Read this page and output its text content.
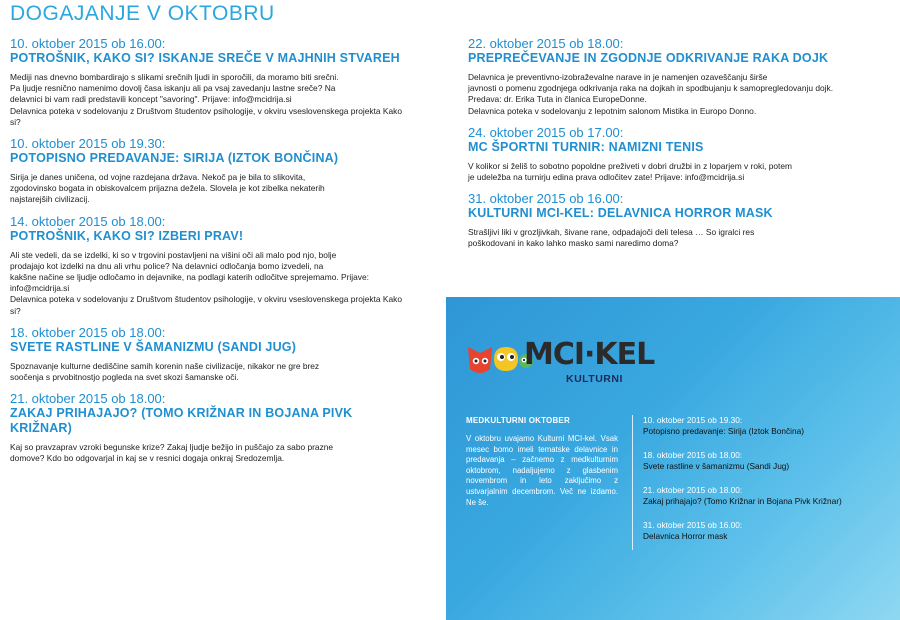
DOGAJANJE V OKTOBRU
10. oktober 2015 ob 16.00:
POTROŠNIK, KAKO SI? ISKANJE SREČE V MAJHNIH STVAREH

Mediji nas dnevno bombardirajo s slikami srečnih ljudi in sporočili, da moramo biti srečni.

Pa ljudje resnično namenimo dovolj časa iskanju ali pa vsaj zavedanju lastne sreče? Na

delavnici bi vam radi predstavili koncept "savoring". Prijave: info@mcidrija.si

Delavnica poteka v sodelovanju z Društvom študentov psihologije, v okviru vseslovenskega projekta Kako si?

10. oktober 2015 ob 19.30:
POTOPISNO PREDAVANJE: SIRIJA (IZTOK BONČINA)

Sirija je danes uničena, od vojne razdejana država. Nekoč pa je bila to slikovita,

zgodovinsko bogata in obiskovalcem prijazna dežela. Slovela je kot zibelka nekaterih

najstarejših civilizacij.

14. oktober 2015 ob 18.00:
POTROŠNIK, KAKO SI? IZBERI PRAV!

Ali ste vedeli, da se izdelki, ki so v trgovini postavljeni na višini oči ali malo pod njo, bolje

prodajajo kot izdelki na dnu ali vrhu police? Na delavnici odločanja bomo izvedeli, na

kakšne načine se ljudje odločamo in dejavnike, na podlagi katerih odločitve sprejemamo. Prijave: info@mcidrija.si

Delavnica poteka v sodelovanju z Društvom študentov psihologije, v okviru vseslovenskega projekta Kako si?

18. oktober 2015 ob 18.00:
SVETE RASTLINE V ŠAMANIZMU (SANDI JUG)

Spoznavanje kulturne dediščine samih korenin naše civilizacije, nikakor ne gre brez

soočenja s prvobitnostjo pogleda na svet skozi šamanske oči.

21. oktober 2015 ob 18.00:
ZAKAJ PRIHAJAJO? (TOMO KRIŽNAR IN BOJANA PIVK KRIŽNAR)

Kaj so pravzaprav vzroki begunske krize? Zakaj ljudje bežijo in puščajo za sabo prazne

domove? Kdo bo odgovarjal in kaj se v resnici dogaja onkraj Sredozemlja.

22. oktober 2015 ob 18.00:
PREPREČEVANJE IN ZGODNJE ODKRIVANJE RAKA DOJK

Delavnica je preventivno-izobraževalne narave in je namenjen ozaveščanju širše

javnosti o pomenu zgodnjega odkrivanja raka na dojkah in spodbujanju k samopregledovanju dojk. Predava: dr. Erika Tuta in članica EuropeDonne.

Delavnica poteka v sodelovanju z lepotnim salonom Mistika in Europo Donno.

24. oktober 2015 ob 17.00:
MC ŠPORTNI TURNIR: NAMIZNI TENIS

V kolikor si želiš to sobotno popoldne preživeti v dobri družbi in z loparjem v roki, potem

je udeležba na turnirju edina prava odločitev zate! Prijave: info@mcidrija.si

31. oktober 2015 ob 16.00:
KULTURNI MCI-KEL: DELAVNICA HORROR MASK

Strašljivi liki v grozljivkah, šivane rane, odpadajoči deli telesa … So igralci res

poškodovani in kako lahko masko sami naredimo doma?

MCI·KEL
KULTURNI
MEDKULTURNI OKTOBER
V oktobru uvajamo Kulturni MCI-kel. Vsak mesec bomo imeli tematske delavnice in predavanja – začnemo z medkulturnim oktobrom, nadaljujemo z glasbenim novembrom in leto zaključimo z ustvarjalnim decembrom. Več ne izdamo. Ne še.
10. oktober 2015 ob 19.30:
Potopisno predavanje: Sirija (Iztok Bončina)
18. oktober 2015 ob 18.00:
Svete rastline v šamanizmu (Sandi Jug)
21. oktober 2015 ob 18.00:
Zakaj prihajajo? (Tomo Križnar in Bojana Pivk Križnar)
31. oktober 2015 ob 16.00:
Delavnica Horror mask
